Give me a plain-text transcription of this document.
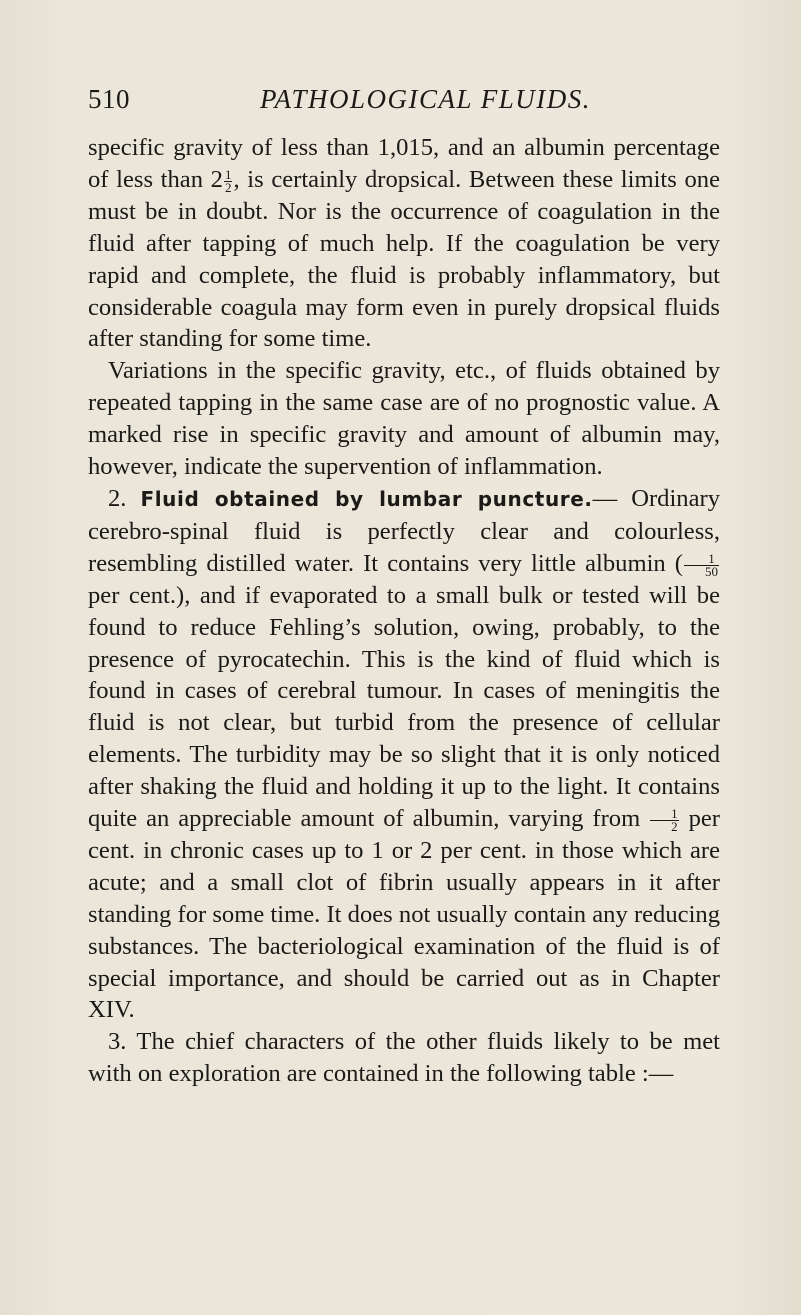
510	PATHOLOGICAL FLUIDS.

specific gravity of less than 1,015, and an albumin percentage of less than $2 \frac{1}{2}$ , is certainly dropsical. Between these limits one must be in doubt. Nor is the occurrence of coagulation in the fluid after tapping of much help. If the coagulation be very rapid and complete, the fluid is probably inflammatory, but considerable coagula may form even in purely dropsical fluids after standing for some time.

Variations in the specific gravity, etc., of fluids obtained by repeated tapping in the same case are of no prognostic value. A marked rise in specific gravity and amount of albumin may, however, indicate the supervention of inflammation.

2. Fluid obtained by lumbar puncture.— Ordinary cerebro-spinal fluid is perfectly clear and colourless, resembling distilled water. It contains very little albumin ( $\frac{1}{50}$
per cent.), and if evaporated to a small bulk or tested will be found to reduce Fehling’s solution, owing, probably, to the presence of pyrocatechin. This is the kind of fluid which is found in cases of cerebral tumour. In cases of meningitis the fluid is not clear, but turbid from the presence of cellular elements. The turbidity may be so slight that it is only noticed after shaking the fluid and holding it up to the light. It contains quite an appreciable amount of albumin, varying from $\frac{1}{2}$ per cent. in chronic cases up to 1 or 2 per cent. in those which are acute; and a small clot of fibrin usually appears in it after standing for some time. It does not usually contain any reducing substances. The bacteriological examination of the fluid is of special importance, and should be carried out as in Chapter XIV.

3. The chief characters of the other fluids likely to be met with on exploration are contained in the following table :—
